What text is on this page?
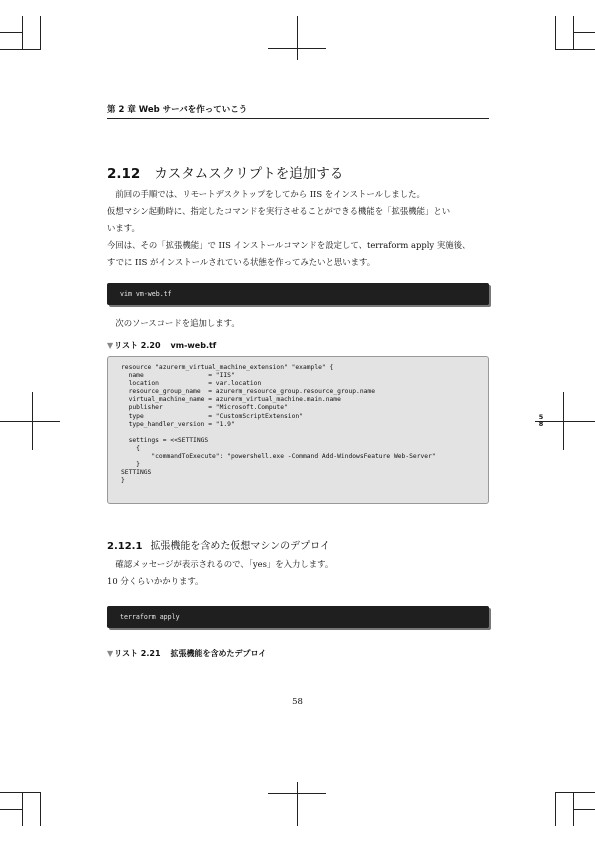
第 2 章 Web サーバを作っていこう
2.12 カスタムスクリプトを追加する
　前回の手順では、リモートデスクトップをしてから IIS をインストールしました。
仮想マシン起動時に、指定したコマンドを実行させることができる機能を「拡張機能」とい
います。
今回は、その「拡張機能」で IIS インストールコマンドを設定して、terraform apply 実施後、
すでに IIS がインストールされている状態を作ってみたいと思います。
vim vm-web.tf
　次のソースコードを追加します。
▼リスト 2.20 vm-web.tf
resource "azurerm_virtual_machine_extension" "example" {
name                 = "IIS"
location             = var.location
resource_group_name  = azurerm_resource_group.resource_group.name
virtual_machine_name = azurerm_virtual_machine.main.name
publisher            = "Microsoft.Compute"
type                 = "CustomScriptExtension"
type_handler_version = "1.9"

settings = <<SETTINGS
{
"commandToExecute": "powershell.exe -Command Add-WindowsFeature Web-Server"
}
SETTINGS
}
2.12.1 拡張機能を含めた仮想マシンのデプロイ
　確認メッセージが表示されるので、「yes」を入力します。
10 分くらいかかります。
terraform apply
▼リスト 2.21 拡張機能を含めたデプロイ
5
8
58
